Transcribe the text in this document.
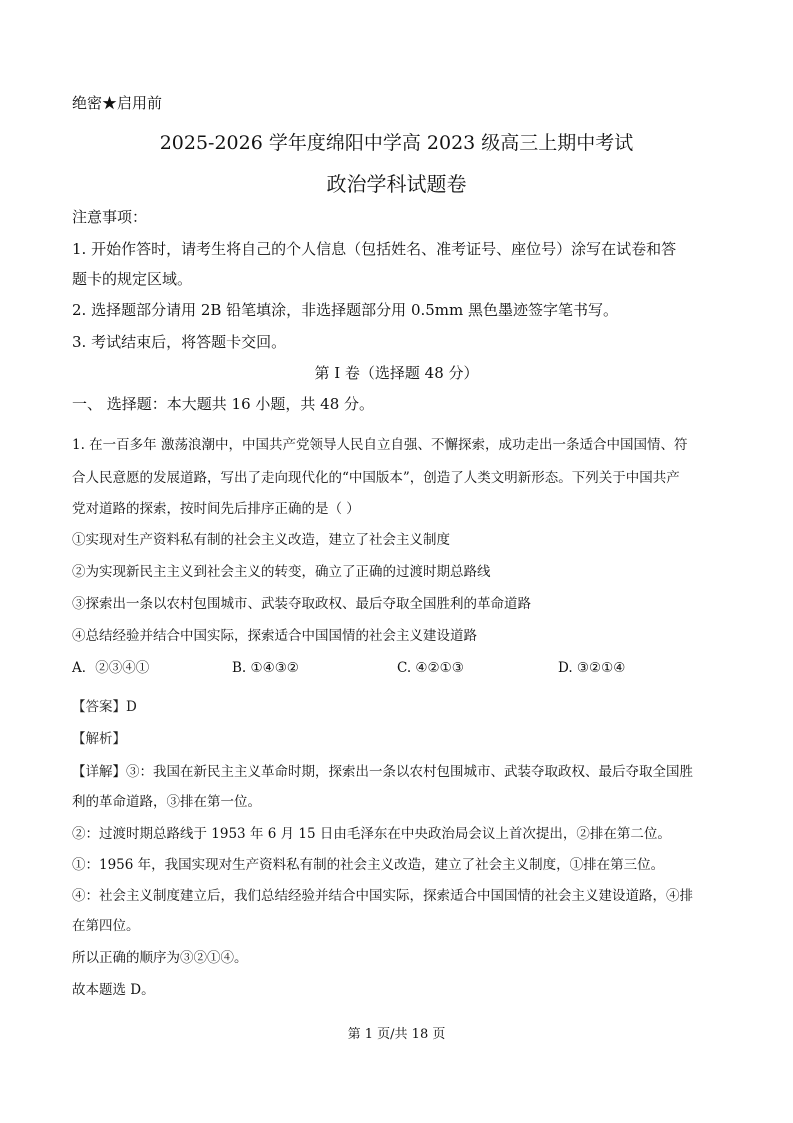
绝密★启用前
2025-2026 学年度绵阳中学高 2023 级高三上期中考试
政治学科试题卷
注意事项：
1. 开始作答时，请考生将自己的个人信息（包括姓名、准考证号、座位号）涂写在试卷和答
题卡的规定区域。
2. 选择题部分请用 2B 铅笔填涂，非选择题部分用 0.5mm 黑色墨迹签字笔书写。
3. 考试结束后，将答题卡交回。
第 I 卷（选择题 48 分）
一、 选择题：本大题共 16 小题，共 48 分。
1. 在一百多年 激荡浪潮中，中国共产党领导人民自立自强、不懈探索，成功走出一条适合中国国情、符
合人民意愿的发展道路，写出了走向现代化的“中国版本”，创造了人类文明新形态。下列关于中国共产
党对道路的探索，按时间先后排序正确的是（ ）
①实现对生产资料私有制的社会主义改造，建立了社会主义制度
②为实现新民主主义到社会主义的转变，确立了正确的过渡时期总路线
③探索出一条以农村包围城市、武装夺取政权、最后夺取全国胜利的革命道路
④总结经验并结合中国实际，探索适合中国国情的社会主义建设道路
A．②③④①	B. ①④③②	C. ④②①③	D. ③②①④
【答案】D
【解析】
【详解】③：我国在新民主主义革命时期，探索出一条以农村包围城市、武装夺取政权、最后夺取全国胜
利的革命道路，③排在第一位。
②：过渡时期总路线于 1953 年 6 月 15 日由毛泽东在中央政治局会议上首次提出，②排在第二位。
①：1956 年，我国实现对生产资料私有制的社会主义改造，建立了社会主义制度，①排在第三位。
④：社会主义制度建立后，我们总结经验并结合中国实际，探索适合中国国情的社会主义建设道路，④排
在第四位。
所以正确的顺序为③②①④。
故本题选 D。
第 1 页/共 18 页
